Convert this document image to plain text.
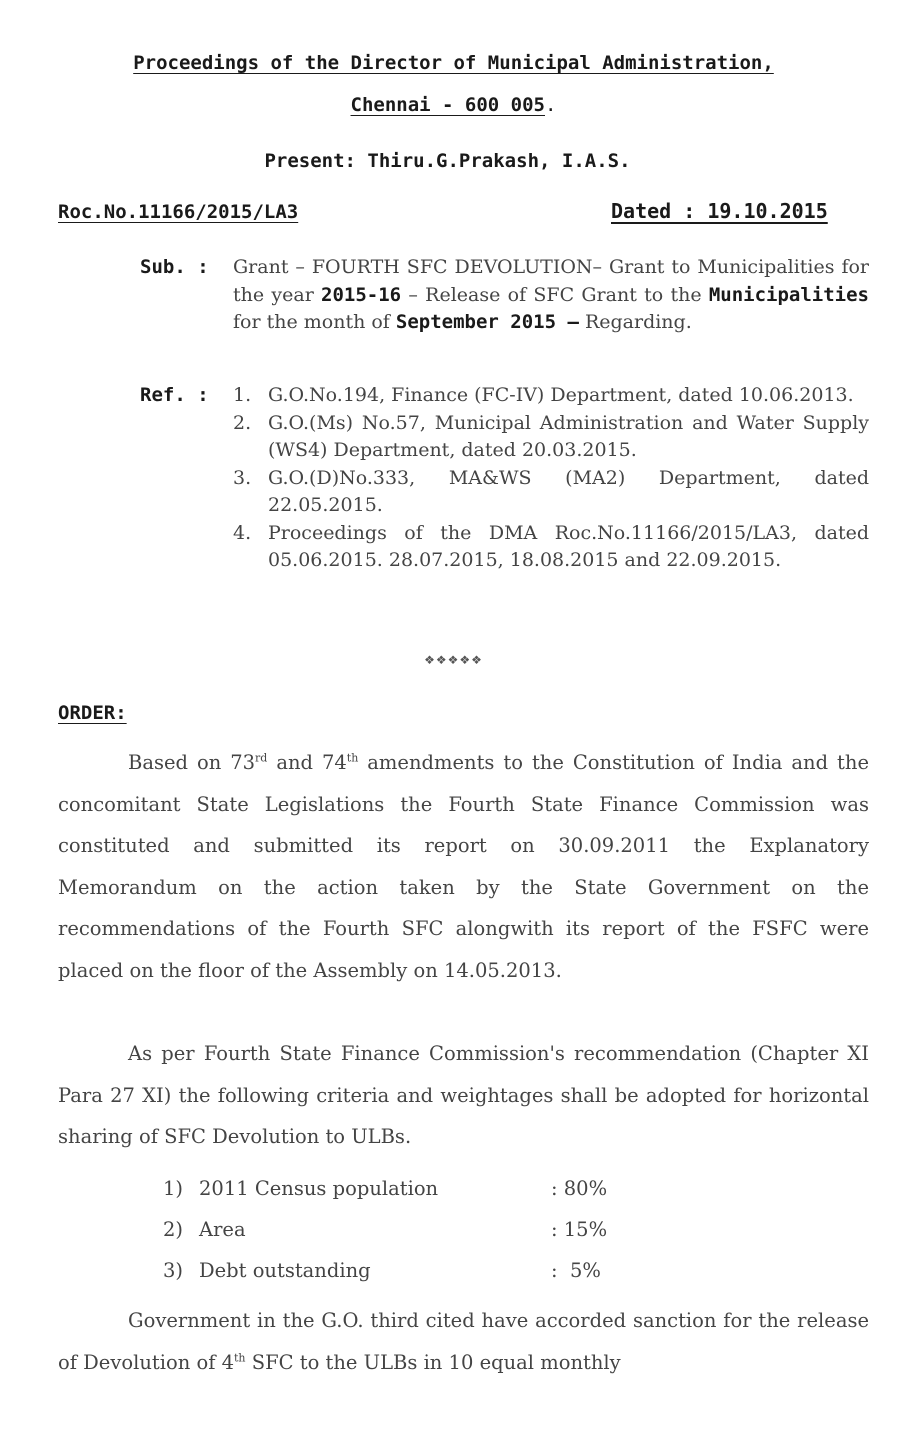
Proceedings of the Director of Municipal Administration,
Chennai - 600 005.
Present: Thiru.G.Prakash, I.A.S.
Roc.No.11166/2015/LA3	Dated : 19.10.2015
Sub. : Grant – FOURTH SFC DEVOLUTION– Grant to Municipalities for the year 2015-16 – Release of SFC Grant to the Municipalities for the month of September 2015 – Regarding.
Ref. : 1. G.O.No.194, Finance (FC-IV) Department, dated 10.06.2013.
2. G.O.(Ms) No.57, Municipal Administration and Water Supply (WS4) Department, dated 20.03.2015.
3. G.O.(D)No.333, MA&WS (MA2) Department, dated 22.05.2015.
4. Proceedings of the DMA Roc.No.11166/2015/LA3, dated 05.06.2015. 28.07.2015, 18.08.2015 and 22.09.2015.
❖❖❖❖❖
ORDER:
Based on 73rd and 74th amendments to the Constitution of India and the concomitant State Legislations the Fourth State Finance Commission was constituted and submitted its report on 30.09.2011 the Explanatory Memorandum on the action taken by the State Government on the recommendations of the Fourth SFC alongwith its report of the FSFC were placed on the floor of the Assembly on 14.05.2013.
As per Fourth State Finance Commission's recommendation (Chapter XI Para 27 XI) the following criteria and weightages shall be adopted for horizontal sharing of SFC Devolution to ULBs.
1) 2011 Census population	: 80%
2) Area	: 15%
3) Debt outstanding	:  5%
Government in the G.O. third cited have accorded sanction for the release of Devolution of 4th SFC to the ULBs in 10 equal monthly
